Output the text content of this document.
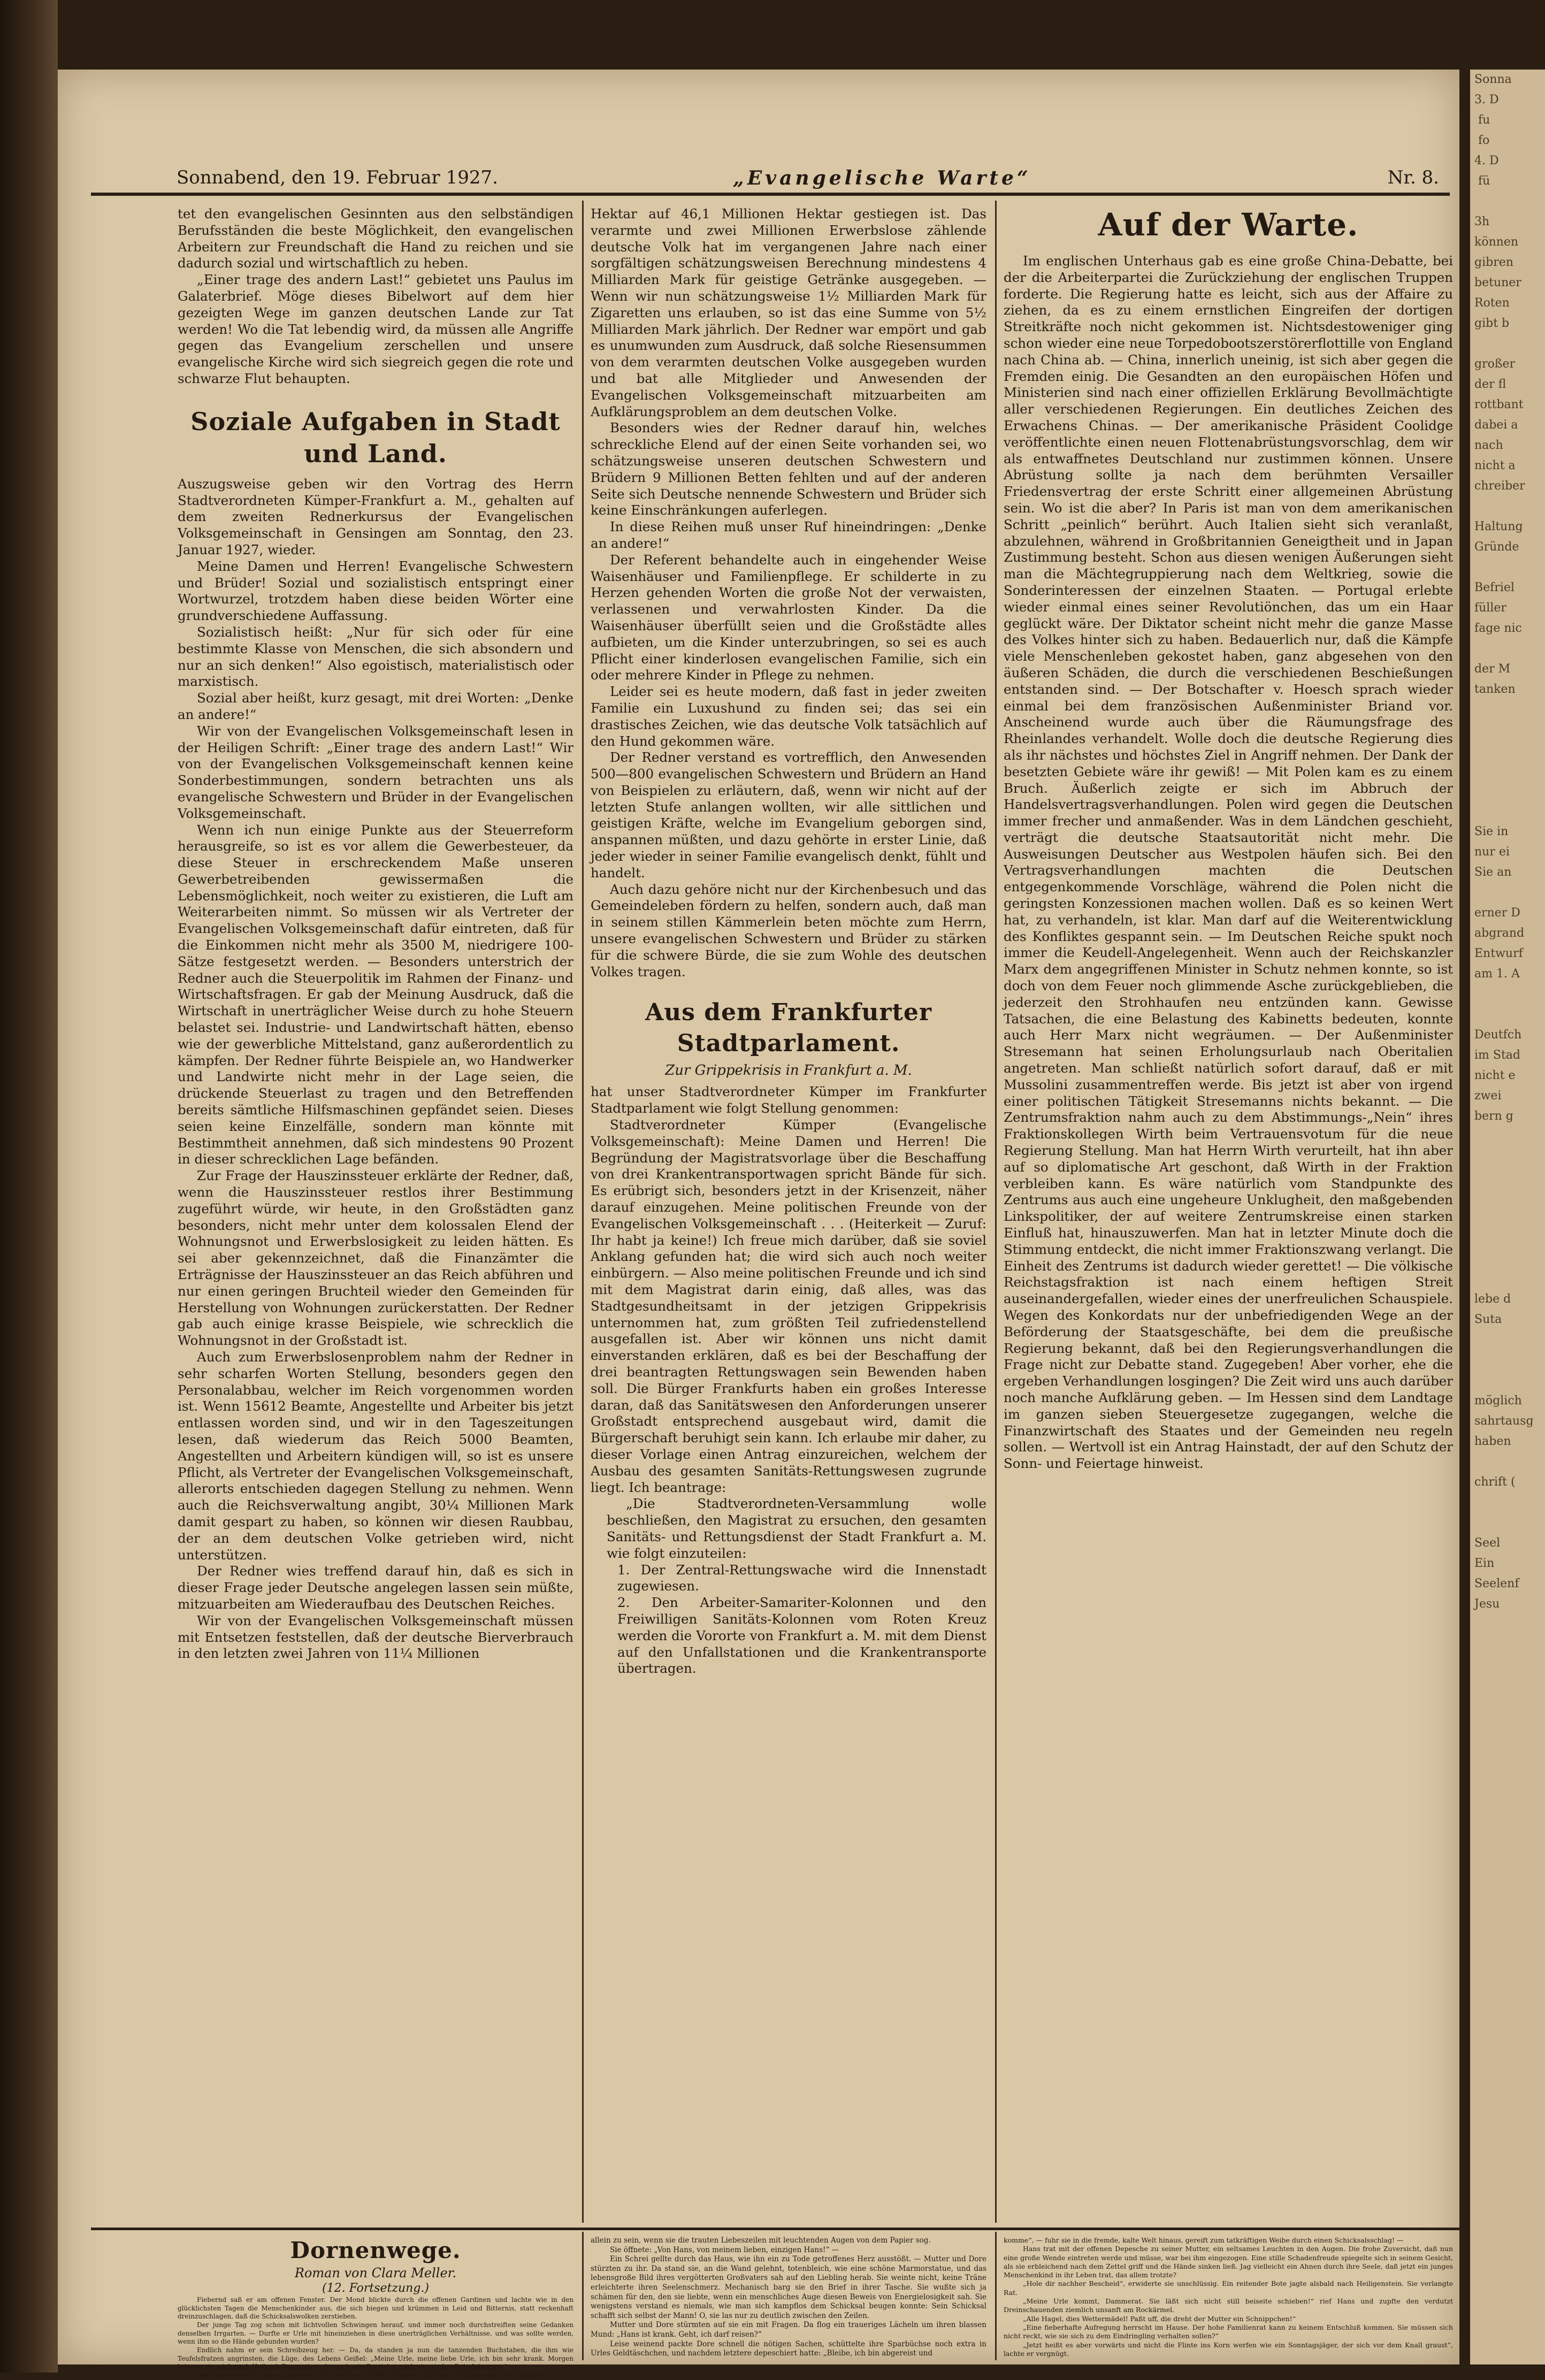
Sonna
3. D
fu
fo
4. D
fü

3h
können
gibren
betuner
Roten
gibt b

großer
der fl
rottbant
dabei a
nach
nicht a
chreiber

Haltung
Gründe

Befriel
füller
fage nic

der M
tanken

Sie in
nur ei
Sie an

erner D
abgrand
Entwurf
am 1. A

Deutfch
im Stad
nicht e
zwei
bern g

lebe d
Suta

möglich
sahrtausg
haben

chrift (

Seel
Ein
Seelenf
Jesu
Sonnabend, den 19. Februar 1927.	„Evangelische Warte“	Nr. 8.

tet den evangelischen Gesinnten aus den selbständigen Berufsständen die beste Möglichkeit, den evangelischen Arbeitern zur Freundschaft die Hand zu reichen und sie dadurch sozial und wirtschaftlich zu heben.

„Einer trage des andern Last!“ gebietet uns Paulus im Galaterbrief. Möge dieses Bibelwort auf dem hier gezeigten Wege im ganzen deutschen Lande zur Tat werden! Wo die Tat lebendig wird, da müssen alle Angriffe gegen das Evangelium zerschellen und unsere evangelische Kirche wird sich siegreich gegen die rote und schwarze Flut behaupten.

Soziale Aufgaben in Stadt und Land.

Auszugsweise geben wir den Vortrag des Herrn Stadtverordneten Kümper-Frankfurt a. M., gehalten auf dem zweiten Rednerkursus der Evangelischen Volksgemeinschaft in Gensingen am Sonntag, den 23. Januar 1927, wieder.

Meine Damen und Herren! Evangelische Schwestern und Brüder! Sozial und sozialistisch entspringt einer Wortwurzel, trotzdem haben diese beiden Wörter eine grundverschiedene Auffassung.

Sozialistisch heißt: „Nur für sich oder für eine bestimmte Klasse von Menschen, die sich absondern und nur an sich denken!“ Also egoistisch, materialistisch oder marxistisch.

Sozial aber heißt, kurz gesagt, mit drei Worten: „Denke an andere!“

Wir von der Evangelischen Volksgemeinschaft lesen in der Heiligen Schrift: „Einer trage des andern Last!“ Wir von der Evangelischen Volksgemeinschaft kennen keine Sonderbestimmungen, sondern betrachten uns als evangelische Schwestern und Brüder in der Evangelischen Volksgemeinschaft.

Wenn ich nun einige Punkte aus der Steuerreform herausgreife, so ist es vor allem die Gewerbesteuer, da diese Steuer in erschreckendem Maße unseren Gewerbetreibenden gewissermaßen die Lebensmöglichkeit, noch weiter zu existieren, die Luft am Weiterarbeiten nimmt. So müssen wir als Vertreter der Evangelischen Volksgemeinschaft dafür eintreten, daß für die Einkommen nicht mehr als 3500 M, niedrigere 100-Sätze festgesetzt werden. — Besonders unterstrich der Redner auch die Steuerpolitik im Rahmen der Finanz- und Wirtschaftsfragen. Er gab der Meinung Ausdruck, daß die Wirtschaft in unerträglicher Weise durch zu hohe Steuern belastet sei. Industrie- und Landwirtschaft hätten, ebenso wie der gewerbliche Mittelstand, ganz außerordentlich zu kämpfen. Der Redner führte Beispiele an, wo Handwerker und Landwirte nicht mehr in der Lage seien, die drückende Steuerlast zu tragen und den Betreffenden bereits sämtliche Hilfsmaschinen gepfändet seien. Dieses seien keine Einzelfälle, sondern man könnte mit Bestimmtheit annehmen, daß sich mindestens 90 Prozent in dieser schrecklichen Lage befänden.

Zur Frage der Hauszinssteuer erklärte der Redner, daß, wenn die Hauszinssteuer restlos ihrer Bestimmung zugeführt würde, wir heute, in den Großstädten ganz besonders, nicht mehr unter dem kolossalen Elend der Wohnungsnot und Erwerbslosigkeit zu leiden hätten. Es sei aber gekennzeichnet, daß die Finanzämter die Erträgnisse der Hauszinssteuer an das Reich abführen und nur einen geringen Bruchteil wieder den Gemeinden für Herstellung von Wohnungen zurückerstatten. Der Redner gab auch einige krasse Beispiele, wie schrecklich die Wohnungsnot in der Großstadt ist.

Auch zum Erwerbslosenproblem nahm der Redner in sehr scharfen Worten Stellung, besonders gegen den Personalabbau, welcher im Reich vorgenommen worden ist. Wenn 15612 Beamte, Angestellte und Arbeiter bis jetzt entlassen worden sind, und wir in den Tageszeitungen lesen, daß wiederum das Reich 5000 Beamten, Angestellten und Arbeitern kündigen will, so ist es unsere Pflicht, als Vertreter der Evangelischen Volksgemeinschaft, allerorts entschieden dagegen Stellung zu nehmen. Wenn auch die Reichsverwaltung angibt, 30¼ Millionen Mark damit gespart zu haben, so können wir diesen Raubbau, der an dem deutschen Volke getrieben wird, nicht unterstützen.

Der Redner wies treffend darauf hin, daß es sich in dieser Frage jeder Deutsche angelegen lassen sein müßte, mitzuarbeiten am Wiederaufbau des Deutschen Reiches.

Wir von der Evangelischen Volksgemeinschaft müssen mit Entsetzen feststellen, daß der deutsche Bierverbrauch in den letzten zwei Jahren von 11¼ Millionen

Hektar auf 46,1 Millionen Hektar gestiegen ist. Das verarmte und zwei Millionen Erwerbslose zählende deutsche Volk hat im vergangenen Jahre nach einer sorgfältigen schätzungsweisen Berechnung mindestens 4 Milliarden Mark für geistige Getränke ausgegeben. — Wenn wir nun schätzungsweise 1½ Milliarden Mark für Zigaretten uns erlauben, so ist das eine Summe von 5½ Milliarden Mark jährlich. Der Redner war empört und gab es unumwunden zum Ausdruck, daß solche Riesensummen von dem verarmten deutschen Volke ausgegeben wurden und bat alle Mitglieder und Anwesenden der Evangelischen Volksgemeinschaft mitzuarbeiten am Aufklärungsproblem an dem deutschen Volke.

Besonders wies der Redner darauf hin, welches schreckliche Elend auf der einen Seite vorhanden sei, wo schätzungsweise unseren deutschen Schwestern und Brüdern 9 Millionen Betten fehlten und auf der anderen Seite sich Deutsche nennende Schwestern und Brüder sich keine Einschränkungen auferlegen.

In diese Reihen muß unser Ruf hineindringen: „Denke an andere!“

Der Referent behandelte auch in eingehender Weise Waisenhäuser und Familienpflege. Er schilderte in zu Herzen gehenden Worten die große Not der verwaisten, verlassenen und verwahrlosten Kinder. Da die Waisenhäuser überfüllt seien und die Großstädte alles aufbieten, um die Kinder unterzubringen, so sei es auch Pflicht einer kinderlosen evangelischen Familie, sich ein oder mehrere Kinder in Pflege zu nehmen.

Leider sei es heute modern, daß fast in jeder zweiten Familie ein Luxushund zu finden sei; das sei ein drastisches Zeichen, wie das deutsche Volk tatsächlich auf den Hund gekommen wäre.

Der Redner verstand es vortrefflich, den Anwesenden 500—800 evangelischen Schwestern und Brüdern an Hand von Beispielen zu erläutern, daß, wenn wir nicht auf der letzten Stufe anlangen wollten, wir alle sittlichen und geistigen Kräfte, welche im Evangelium geborgen sind, anspannen müßten, und dazu gehörte in erster Linie, daß jeder wieder in seiner Familie evangelisch denkt, fühlt und handelt.

Auch dazu gehöre nicht nur der Kirchenbesuch und das Gemeindeleben fördern zu helfen, sondern auch, daß man in seinem stillen Kämmerlein beten möchte zum Herrn, unsere evangelischen Schwestern und Brüder zu stärken für die schwere Bürde, die sie zum Wohle des deutschen Volkes tragen.

Aus dem Frankfurter Stadtparlament.
Zur Grippekrisis in Frankfurt a. M.

hat unser Stadtverordneter Kümper im Frankfurter Stadtparlament wie folgt Stellung genommen:

Stadtverordneter Kümper (Evangelische Volksgemeinschaft): Meine Damen und Herren! Die Begründung der Magistratsvorlage über die Beschaffung von drei Krankentransportwagen spricht Bände für sich. Es erübrigt sich, besonders jetzt in der Krisenzeit, näher darauf einzugehen. Meine politischen Freunde von der Evangelischen Volksgemeinschaft . . . (Heiterkeit — Zuruf: Ihr habt ja keine!) Ich freue mich darüber, daß sie soviel Anklang gefunden hat; die wird sich auch noch weiter einbürgern. — Also meine politischen Freunde und ich sind mit dem Magistrat darin einig, daß alles, was das Stadtgesundheitsamt in der jetzigen Grippekrisis unternommen hat, zum größten Teil zufriedenstellend ausgefallen ist. Aber wir können uns nicht damit einverstanden erklären, daß es bei der Beschaffung der drei beantragten Rettungswagen sein Bewenden haben soll. Die Bürger Frankfurts haben ein großes Interesse daran, daß das Sanitätswesen den Anforderungen unserer Großstadt entsprechend ausgebaut wird, damit die Bürgerschaft beruhigt sein kann. Ich erlaube mir daher, zu dieser Vorlage einen Antrag einzureichen, welchem der Ausbau des gesamten Sanitäts-Rettungswesen zugrunde liegt. Ich beantrage:

„Die Stadtverordneten-Versammlung wolle beschließen, den Magistrat zu ersuchen, den gesamten Sanitäts- und Rettungsdienst der Stadt Frankfurt a. M. wie folgt einzuteilen:

1. Der Zentral-Rettungswache wird die Innenstadt zugewiesen.

2. Den Arbeiter-Samariter-Kolonnen und den Freiwilligen Sanitäts-Kolonnen vom Roten Kreuz werden die Vororte von Frankfurt a. M. mit dem Dienst auf den Unfallstationen und die Krankentransporte übertragen.

Auf der Warte.

Im englischen Unterhaus gab es eine große China-Debatte, bei der die Arbeiterpartei die Zurückziehung der englischen Truppen forderte. Die Regierung hatte es leicht, sich aus der Affaire zu ziehen, da es zu einem ernstlichen Eingreifen der dortigen Streitkräfte noch nicht gekommen ist. Nichtsdestoweniger ging schon wieder eine neue Torpedobootszerstörerflottille von England nach China ab. — China, innerlich uneinig, ist sich aber gegen die Fremden einig. Die Gesandten an den europäischen Höfen und Ministerien sind nach einer offiziellen Erklärung Bevollmächtigte aller verschiedenen Regierungen. Ein deutliches Zeichen des Erwachens Chinas. — Der amerikanische Präsident Coolidge veröffentlichte einen neuen Flottenabrüstungsvorschlag, dem wir als entwaffnetes Deutschland nur zustimmen können. Unsere Abrüstung sollte ja nach dem berühmten Versailler Friedensvertrag der erste Schritt einer allgemeinen Abrüstung sein. Wo ist die aber? In Paris ist man von dem amerikanischen Schritt „peinlich“ berührt. Auch Italien sieht sich veranlaßt, abzulehnen, während in Großbritannien Geneigtheit und in Japan Zustimmung besteht. Schon aus diesen wenigen Äußerungen sieht man die Mächtegruppierung nach dem Weltkrieg, sowie die Sonderinteressen der einzelnen Staaten. — Portugal erlebte wieder einmal eines seiner Revolutiönchen, das um ein Haar geglückt wäre. Der Diktator scheint nicht mehr die ganze Masse des Volkes hinter sich zu haben. Bedauerlich nur, daß die Kämpfe viele Menschenleben gekostet haben, ganz abgesehen von den äußeren Schäden, die durch die verschiedenen Beschießungen entstanden sind. — Der Botschafter v. Hoesch sprach wieder einmal bei dem französischen Außenminister Briand vor. Anscheinend wurde auch über die Räumungsfrage des Rheinlandes verhandelt. Wolle doch die deutsche Regierung dies als ihr nächstes und höchstes Ziel in Angriff nehmen. Der Dank der besetzten Gebiete wäre ihr gewiß! — Mit Polen kam es zu einem Bruch. Äußerlich zeigte er sich im Abbruch der Handelsvertragsverhandlungen. Polen wird gegen die Deutschen immer frecher und anmaßender. Was in dem Ländchen geschieht, verträgt die deutsche Staatsautorität nicht mehr. Die Ausweisungen Deutscher aus Westpolen häufen sich. Bei den Vertragsverhandlungen machten die Deutschen entgegenkommende Vorschläge, während die Polen nicht die geringsten Konzessionen machen wollen. Daß es so keinen Wert hat, zu verhandeln, ist klar. Man darf auf die Weiterentwicklung des Konfliktes gespannt sein. — Im Deutschen Reiche spukt noch immer die Keudell-Angelegenheit. Wenn auch der Reichskanzler Marx dem angegriffenen Minister in Schutz nehmen konnte, so ist doch von dem Feuer noch glimmende Asche zurückgeblieben, die jederzeit den Strohhaufen neu entzünden kann. Gewisse Tatsachen, die eine Belastung des Kabinetts bedeuten, konnte auch Herr Marx nicht wegräumen. — Der Außenminister Stresemann hat seinen Erholungsurlaub nach Oberitalien angetreten. Man schließt natürlich sofort darauf, daß er mit Mussolini zusammentreffen werde. Bis jetzt ist aber von irgend einer politischen Tätigkeit Stresemanns nichts bekannt. — Die Zentrumsfraktion nahm auch zu dem Abstimmungs-„Nein“ ihres Fraktionskollegen Wirth beim Vertrauensvotum für die neue Regierung Stellung. Man hat Herrn Wirth verurteilt, hat ihn aber auf so diplomatische Art geschont, daß Wirth in der Fraktion verbleiben kann. Es wäre natürlich vom Standpunkte des Zentrums aus auch eine ungeheure Unklugheit, den maßgebenden Linkspolitiker, der auf weitere Zentrumskreise einen starken Einfluß hat, hinauszuwerfen. Man hat in letzter Minute doch die Stimmung entdeckt, die nicht immer Fraktionszwang verlangt. Die Einheit des Zentrums ist dadurch wieder gerettet! — Die völkische Reichstagsfraktion ist nach einem heftigen Streit auseinandergefallen, wieder eines der unerfreulichen Schauspiele. Wegen des Konkordats nur der unbefriedigenden Wege an der Beförderung der Staatsgeschäfte, bei dem die preußische Regierung bekannt, daß bei den Regierungsverhandlungen die Frage nicht zur Debatte stand. Zugegeben! Aber vorher, ehe die ergeben Verhandlungen losgingen? Die Zeit wird uns auch darüber noch manche Aufklärung geben. — Im Hessen sind dem Landtage im ganzen sieben Steuergesetze zugegangen, welche die Finanzwirtschaft des Staates und der Gemeinden neu regeln sollen. — Wertvoll ist ein Antrag Hainstadt, der auf den Schutz der Sonn- und Feiertage hinweist.

Dornenwege.
Roman von Clara Meller.
(12. Fortsetzung.)

Fiebernd saß er am offenen Fenster. Der Mond blickte durch die offenen Gardinen und lachte wie in den glücklichsten Tagen die Menschenkinder aus, die sich biegen und krümmen in Leid und Bitternis, statt reckenhaft dreinzuschlagen, daß die Schicksalswolken zerstieben.

Der junge Tag zog schon mit lichtvollen Schwingen herauf, und immer noch durchstreiften seine Gedanken denselben Irrgarten. — Durfte er Urle mit hineinziehen in diese unerträglichen Verhältnisse, und was sollte werden, wenn ihm so die Hände gebunden wurden?

Endlich nahm er sein Schreibzeug her. — Da, da standen ja nun die tanzenden Buchstaben, die ihm wie Teufelsfratzen angrinsten, die Lüge, des Lebens Geißel: „Meine Urle, meine liebe Urle, ich bin sehr krank. Morgen bringen sie mich nach Holland. Frage nie mehr nach mir. Du siehst mich nie wieder. Dein Johannes.“

Das Räderwerk der Tage ging weiter. Urle hielt den Brief in Händen. Lächelnd schlüpfte sie in ihr Zimmer, um

allein zu sein, wenn sie die trauten Liebeszeilen mit leuchtenden Augen von dem Papier sog.

Sie öffnete: „Von Hans, von meinem lieben, einzigen Hans!“ —

Ein Schrei gellte durch das Haus, wie ihn ein zu Tode getroffenes Herz ausstößt. — Mutter und Dore stürzten zu ihr. Da stand sie, an die Wand gelehnt, totenbleich, wie eine schöne Marmorstatue, und das lebensgroße Bild ihres vergötterten Großvaters sah auf den Liebling herab. Sie weinte nicht, keine Träne erleichterte ihren Seelenschmerz. Mechanisch barg sie den Brief in ihrer Tasche. Sie wußte sich ja schämen für den, den sie liebte, wenn ein menschliches Auge diesen Beweis von Energielosigkeit sah. Sie wenigstens verstand es niemals, wie man sich kampflos dem Schicksal beugen konnte: Sein Schicksal schafft sich selbst der Mann! O, sie las nur zu deutlich zwischen den Zeilen.

Mutter und Dore stürmten auf sie ein mit Fragen. Da flog ein traueriges Lächeln um ihren blassen Mund: „Hans ist krank. Geht, ich darf reisen?“

Leise weinend packte Dore schnell die nötigen Sachen, schüttelte ihre Sparbüchse noch extra in Urles Geldtäschchen, und nachdem letztere depeschiert hatte: „Bleibe, ich bin abgereist und

komme“, — fuhr sie in die fremde, kalte Welt hinaus, gereift zum tatkräftigen Weibe durch einen Schicksalsschlag! —

Hans trat mit der offenen Depesche zu seiner Mutter, ein seltsames Leuchten in den Augen. Die frohe Zuversicht, daß nun eine große Wende eintreten werde und müsse, war bei ihm eingezogen. Eine stille Schadenfreude spiegelte sich in seinem Gesicht, als sie erbleichend nach dem Zettel griff und die Hände sinken ließ. Jag vielleicht ein Ahnen durch ihre Seele, daß jetzt ein junges Menschenkind in ihr Leben trat, das allem trotzte?

„Hole dir nachher Bescheid“, erwiderte sie unschlüssig. Ein reitender Bote jagte alsbald nach Heiligenstein. Sie verlangte Rat.

„Meine Urle kommt, Dammerat. Sie läßt sich nicht still beiseite schieben!“ rief Hans und zupfte den verdutzt Dreinschauenden ziemlich unsanft am Rockärmel.

„Alle Hagel, dies Wettermädel! Paßt uff, die dreht der Mutter ein Schnippchen!“

„Eine fieberhafte Aufregung herrscht im Hause. Der hohe Familienrat kann zu keinem Entschluß kommen. Sie müssen sich nicht reckt, wie sie sich zu dem Eindringling verhalten sollen?“

„Jetzt heißt es aber vorwärts und nicht die Flinte ins Korn werfen wie ein Sonntagsjäger, der sich vor dem Knall graust“, lachte er vergnügt.
